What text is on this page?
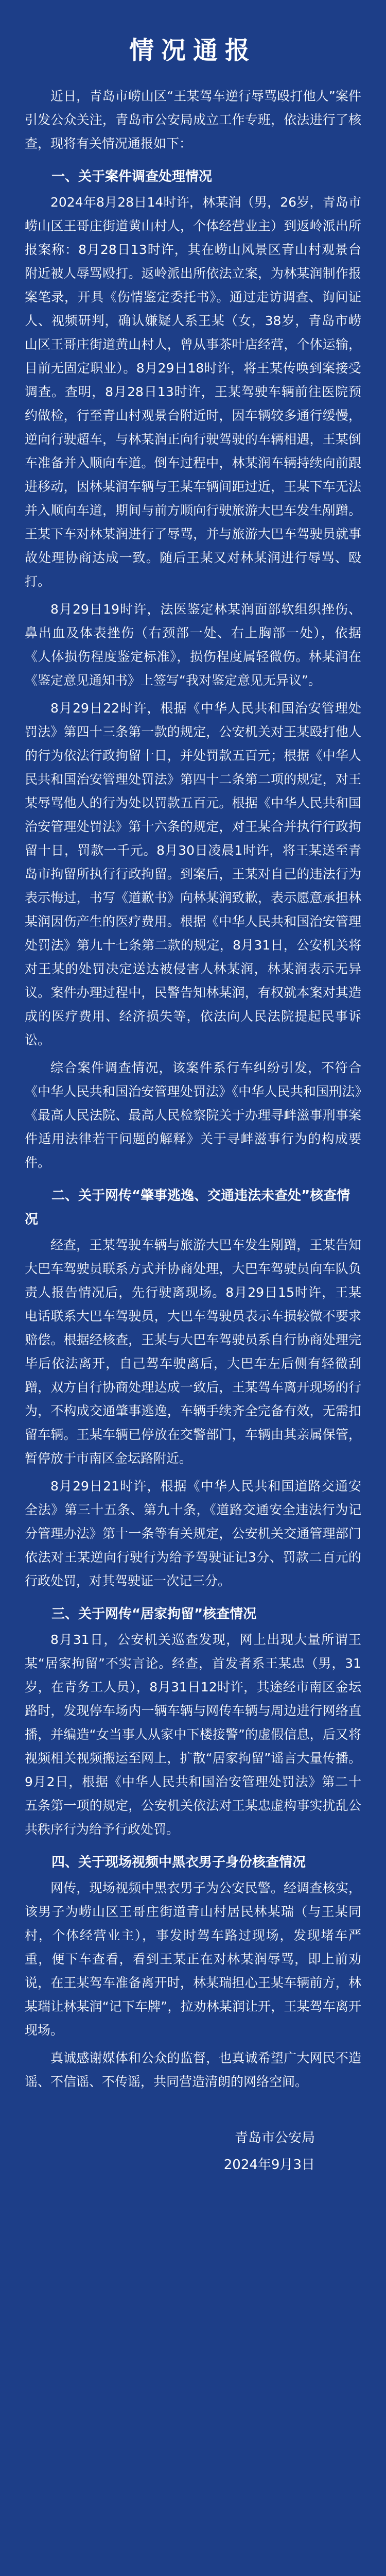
情况通报

近日，青岛市崂山区“王某驾车逆行辱骂殴打他人”案件引发公众关注，青岛市公安局成立工作专班，依法进行了核查，现将有关情况通报如下：

一、关于案件调查处理情况

2024年8月28日14时许，林某润（男，26岁，青岛市崂山区王哥庄街道黄山村人，个体经营业主）到返岭派出所报案称：8月28日13时许，其在崂山风景区青山村观景台附近被人辱骂殴打。返岭派出所依法立案，为林某润制作报案笔录，开具《伤情鉴定委托书》。通过走访调查、询问证人、视频研判，确认嫌疑人系王某（女，38岁，青岛市崂山区王哥庄街道黄山村人，曾从事茶叶店经营，个体运输，目前无固定职业）。8月29日18时许，将王某传唤到案接受调查。查明，8月28日13时许，王某驾驶车辆前往医院预约做检，行至青山村观景台附近时，因车辆较多通行缓慢，逆向行驶超车，与林某润正向行驶驾驶的车辆相遇，王某倒车准备并入顺向车道。倒车过程中，林某润车辆持续向前跟进移动，因林某润车辆与王某车辆间距过近，王某下车无法并入顺向车道，期间与前方顺向行驶旅游大巴车发生剐蹭。王某下车对林某润进行了辱骂，并与旅游大巴车驾驶员就事故处理协商达成一致。随后王某又对林某润进行辱骂、殴打。

8月29日19时许，法医鉴定林某润面部软组织挫伤、鼻出血及体表挫伤（右颈部一处、右上胸部一处），依据《人体损伤程度鉴定标准》，损伤程度属轻微伤。林某润在《鉴定意见通知书》上签写“我对鉴定意见无异议”。

8月29日22时许，根据《中华人民共和国治安管理处罚法》第四十三条第一款的规定，公安机关对王某殴打他人的行为依法行政拘留十日，并处罚款五百元；根据《中华人民共和国治安管理处罚法》第四十二条第二项的规定，对王某辱骂他人的行为处以罚款五百元。根据《中华人民共和国治安管理处罚法》第十六条的规定，对王某合并执行行政拘留十日，罚款一千元。8月30日凌晨1时许，将王某送至青岛市拘留所执行行政拘留。到案后，王某对自己的违法行为表示悔过，书写《道歉书》向林某润致歉，表示愿意承担林某润因伤产生的医疗费用。根据《中华人民共和国治安管理处罚法》第九十七条第二款的规定，8月31日，公安机关将对王某的处罚决定送达被侵害人林某润，林某润表示无异议。案件办理过程中，民警告知林某润，有权就本案对其造成的医疗费用、经济损失等，依法向人民法院提起民事诉讼。

综合案件调查情况，该案件系行车纠纷引发，不符合《中华人民共和国治安管理处罚法》《中华人民共和国刑法》《最高人民法院、最高人民检察院关于办理寻衅滋事刑事案件适用法律若干问题的解释》关于寻衅滋事行为的构成要件。

二、关于网传“肇事逃逸、交通违法未查处”核查情况

经查，王某驾驶车辆与旅游大巴车发生剐蹭，王某告知大巴车驾驶员联系方式并协商处理，大巴车驾驶员向车队负责人报告情况后，先行驶离现场。8月29日15时许，王某电话联系大巴车驾驶员，大巴车驾驶员表示车损较微不要求赔偿。根据经核查，王某与大巴车驾驶员系自行协商处理完毕后依法离开，自己驾车驶离后，大巴车左后侧有轻微刮蹭，双方自行协商处理达成一致后，王某驾车离开现场的行为，不构成交通肇事逃逸，车辆手续齐全完备有效，无需扣留车辆。王某车辆已停放在交警部门，车辆由其亲属保管，暂停放于市南区金坛路附近。

8月29日21时许，根据《中华人民共和国道路交通安全法》第三十五条、第九十条，《道路交通安全违法行为记分管理办法》第十一条等有关规定，公安机关交通管理部门依法对王某逆向行驶行为给予驾驶证记3分、罚款二百元的行政处罚，对其驾驶证一次记三分。

三、关于网传“居家拘留”核查情况

8月31日，公安机关巡查发现，网上出现大量所谓王某“居家拘留”不实言论。经查，首发者系王某忠（男，31岁，在青务工人员），8月31日12时许，其途经市南区金坛路时，发现停车场内一辆车辆与网传车辆与周边进行网络直播，并编造“女当事人从家中下楼接警”的虚假信息，后又将视频相关视频搬运至网上，扩散“居家拘留”谣言大量传播。9月2日，根据《中华人民共和国治安管理处罚法》第二十五条第一项的规定，公安机关依法对王某忠虚构事实扰乱公共秩序行为给予行政处罚。

四、关于现场视频中黑衣男子身份核查情况

网传，现场视频中黑衣男子为公安民警。经调查核实，该男子为崂山区王哥庄街道青山村居民林某瑞（与王某同村，个体经营业主），事发时驾车路过现场，发现堵车严重，便下车查看，看到王某正在对林某润辱骂，即上前劝说，在王某驾车准备离开时，林某瑞担心王某车辆前方，林某瑞让林某润“记下车牌”，拉劝林某润让开，王某驾车离开现场。

真诚感谢媒体和公众的监督，也真诚希望广大网民不造谣、不信谣、不传谣，共同营造清朗的网络空间。

青岛市公安局
2024年9月3日
